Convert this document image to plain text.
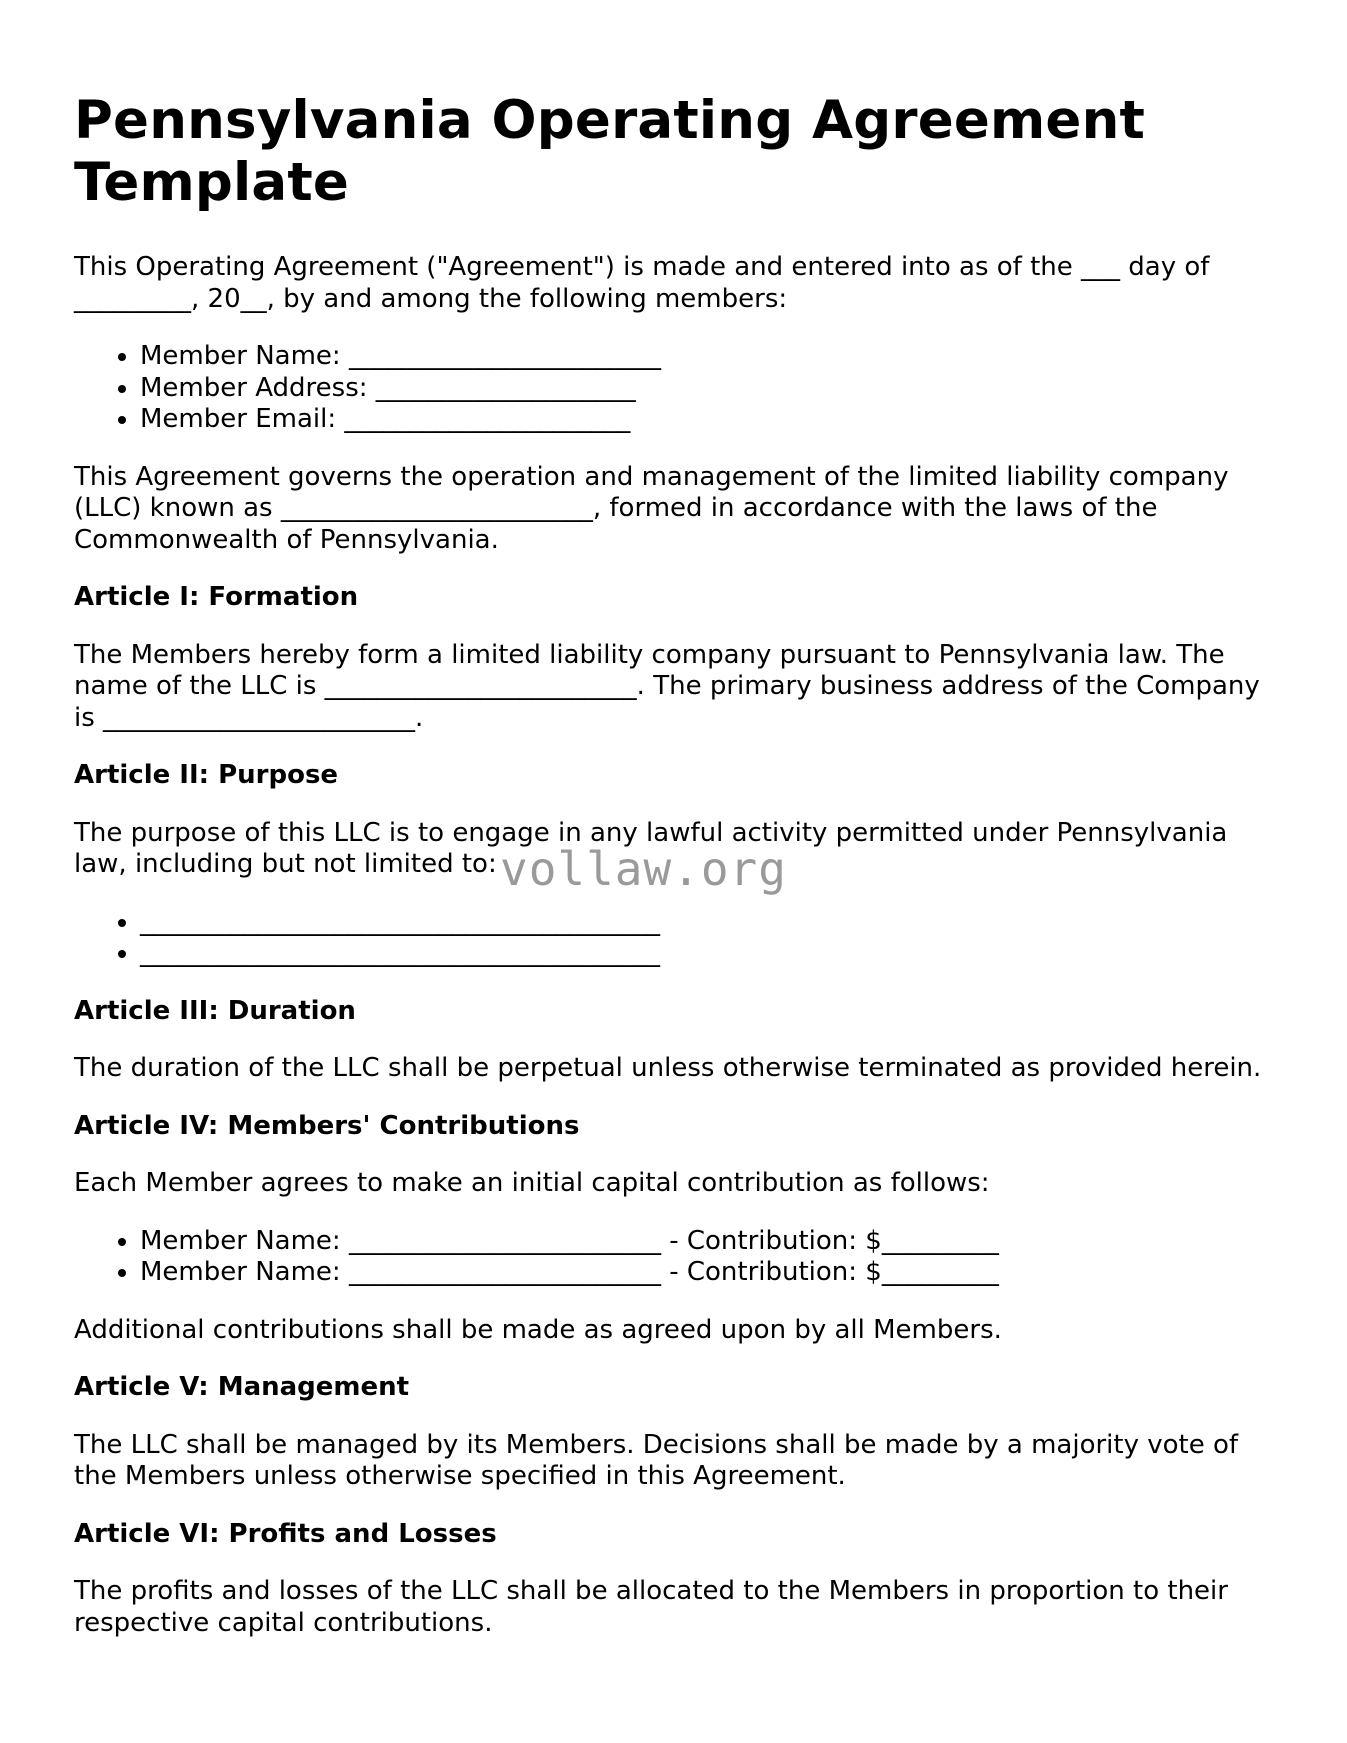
Pennsylvania Operating Agreement Template

This Operating Agreement ("Agreement") is made and entered into as of the ___ day of _________, 20__, by and among the following members:

• Member Name: ________________________
• Member Address: ____________________
• Member Email: ______________________

This Agreement governs the operation and management of the limited liability company (LLC) known as ________________________, formed in accordance with the laws of the Commonwealth of Pennsylvania.

Article I: Formation

The Members hereby form a limited liability company pursuant to Pennsylvania law. The name of the LLC is ________________________. The primary business address of the Company is ________________________.

Article II: Purpose

The purpose of this LLC is to engage in any lawful activity permitted under Pennsylvania law, including but not limited to:

• ________________________________________
• ________________________________________

Article III: Duration

The duration of the LLC shall be perpetual unless otherwise terminated as provided herein.

Article IV: Members' Contributions

Each Member agrees to make an initial capital contribution as follows:

• Member Name: ________________________ - Contribution: $_________
• Member Name: ________________________ - Contribution: $_________

Additional contributions shall be made as agreed upon by all Members.

Article V: Management

The LLC shall be managed by its Members. Decisions shall be made by a majority vote of the Members unless otherwise specified in this Agreement.

Article VI: Profits and Losses

The profits and losses of the LLC shall be allocated to the Members in proportion to their respective capital contributions.

vollaw.org
